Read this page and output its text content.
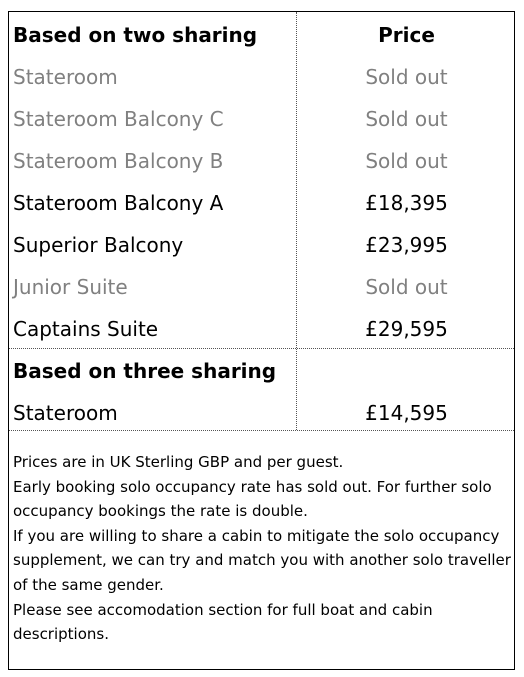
Based on two sharing	Price
Stateroom	Sold out
Stateroom Balcony C	Sold out
Stateroom Balcony B	Sold out
Stateroom Balcony A	£18,395
Superior Balcony	£23,995
Junior Suite	Sold out
Captains Suite	£29,595
Based on three sharing
Stateroom	£14,595

Prices are in UK Sterling GBP and per guest.

Early booking solo occupancy rate has sold out. For further solo occupancy bookings the rate is double.

If you are willing to share a cabin to mitigate the solo occupancy supplement, we can try and match you with another solo traveller of the same gender.

Please see accomodation section for full boat and cabin descriptions.
